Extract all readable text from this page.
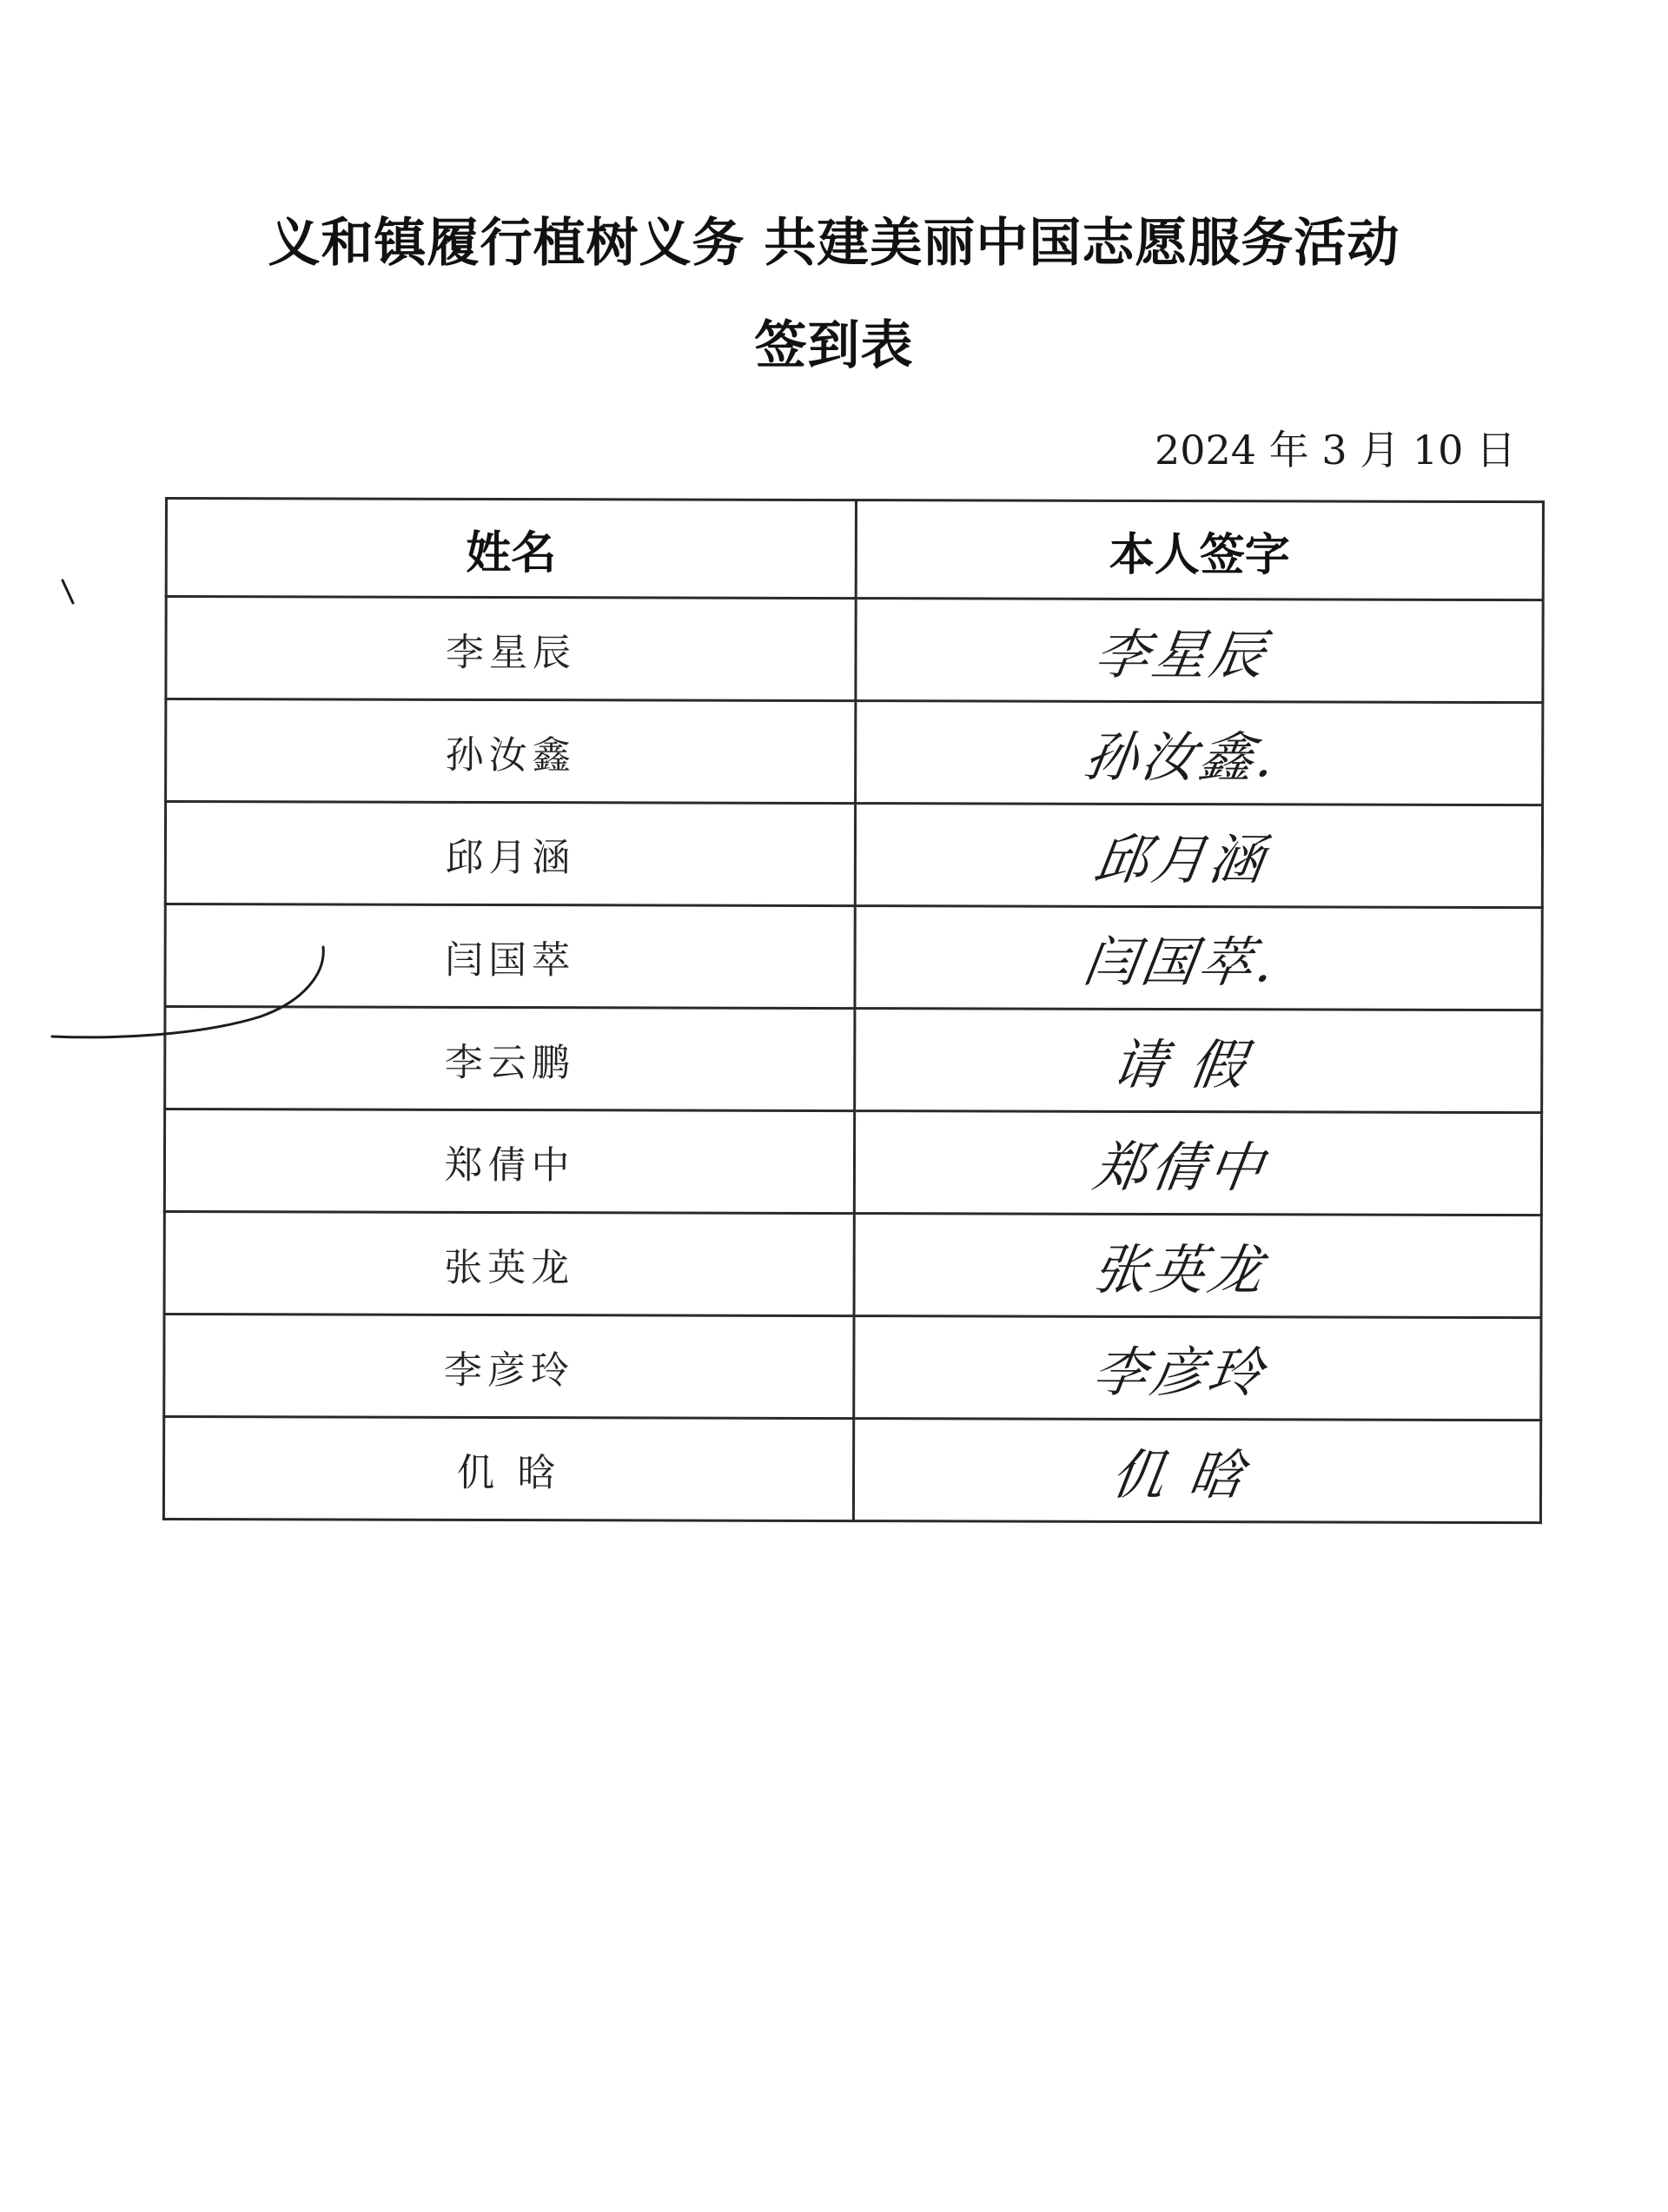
义和镇履行植树义务 共建美丽中国志愿服务活动
签到表
2024 年 3 月 10 日
姓名	本人签字
李星辰	李星辰
孙汝鑫	孙汝鑫.
邱月涵	邱月涵
闫国萃	闫国萃.
李云鹏	请 假
郑倩中	郑倩中
张英龙	张英龙
李彦玲	李彦玲
仉 晗	仉 晗
